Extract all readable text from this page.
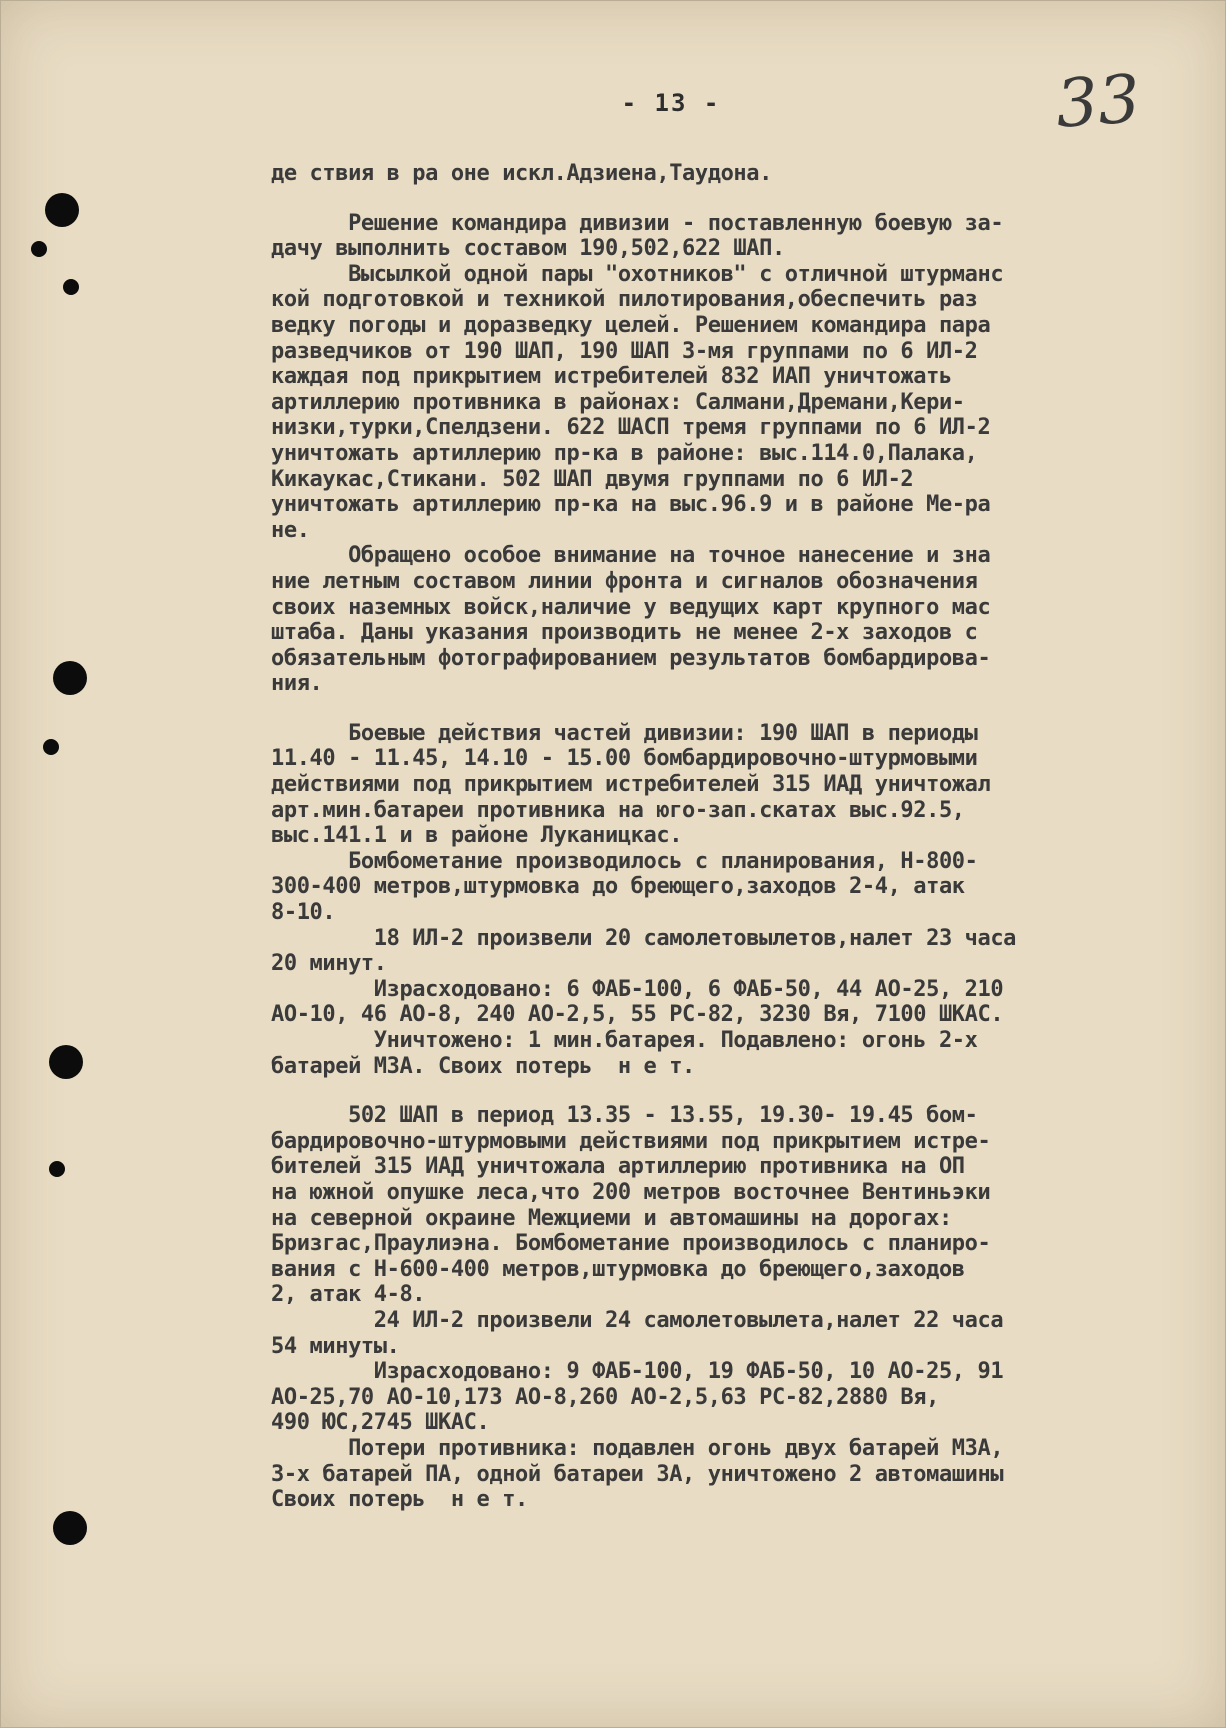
- 13 -	33
де ствия в ра оне искл.Адзиена,Таудона.
Решение командира дивизии - поставленную боевую за-
дачу выполнить составом 190,502,622 ШАП.
Высылкой одной пары "охотников" с отличной штурманс
кой подготовкой и техникой пилотирования,обеспечить раз
ведку погоды и доразведку целей. Решением командира пара
разведчиков от 190 ШАП, 190 ШАП 3-мя группами по 6 ИЛ-2
каждая под прикрытием истребителей 832 ИАП уничтожать
артиллерию противника в районах: Салмани,Дремани,Кери-
низки,турки,Спелдзени. 622 ШАСП тремя группами по 6 ИЛ-2
уничтожать артиллерию пр-ка в районе: выс.114.0,Палака,
Кикаукас,Стикани. 502 ШАП двумя группами по 6 ИЛ-2
уничтожать артиллерию пр-ка на выс.96.9 и в районе Ме-ра
не.
Обращено особое внимание на точное нанесение и зна
ние летным составом линии фронта и сигналов обозначения
своих наземных войск,наличие у ведущих карт крупного мас
штаба. Даны указания производить не менее 2-х заходов с
обязательным фотографированием результатов бомбардирова-
ния.
Боевые действия частей дивизии: 190 ШАП в периоды
11.40 - 11.45, 14.10 - 15.00 бомбардировочно-штурмовыми
действиями под прикрытием истребителей 315 ИАД уничтожал
арт.мин.батареи противника на юго-зап.скатах выс.92.5,
выс.141.1 и в районе Луканицкас.
Бомбометание производилось с планирования, Н-800-
300-400 метров,штурмовка до бреющего,заходов 2-4, атак
8-10.
18 ИЛ-2 произвели 20 самолетовылетов,налет 23 часа
20 минут.
Израсходовано: 6 ФАБ-100, 6 ФАБ-50, 44 АО-25, 210
АО-10, 46 АО-8, 240 АО-2,5, 55 РС-82, 3230 Вя, 7100 ШКАС.
Уничтожено: 1 мин.батарея. Подавлено: огонь 2-х
батарей МЗА. Своих потерь  н е т.
502 ШАП в период 13.35 - 13.55, 19.30- 19.45 бом-
бардировочно-штурмовыми действиями под прикрытием истре-
бителей 315 ИАД уничтожала артиллерию противника на ОП
на южной опушке леса,что 200 метров восточнее Вентиньэки
на северной окраине Межциеми и автомашины на дорогах:
Бризгас,Праулиэна. Бомбометание производилось с планиро-
вания с Н-600-400 метров,штурмовка до бреющего,заходов
2, атак 4-8.
24 ИЛ-2 произвели 24 самолетовылета,налет 22 часа
54 минуты.
Израсходовано: 9 ФАБ-100, 19 ФАБ-50, 10 АО-25, 91
АО-25,70 АО-10,173 АО-8,260 АО-2,5,63 РС-82,2880 Вя,
490 ЮС,2745 ШКАС.
Потери противника: подавлен огонь двух батарей МЗА,
3-х батарей ПА, одной батареи ЗА, уничтожено 2 автомашины
Своих потерь  н е т.
